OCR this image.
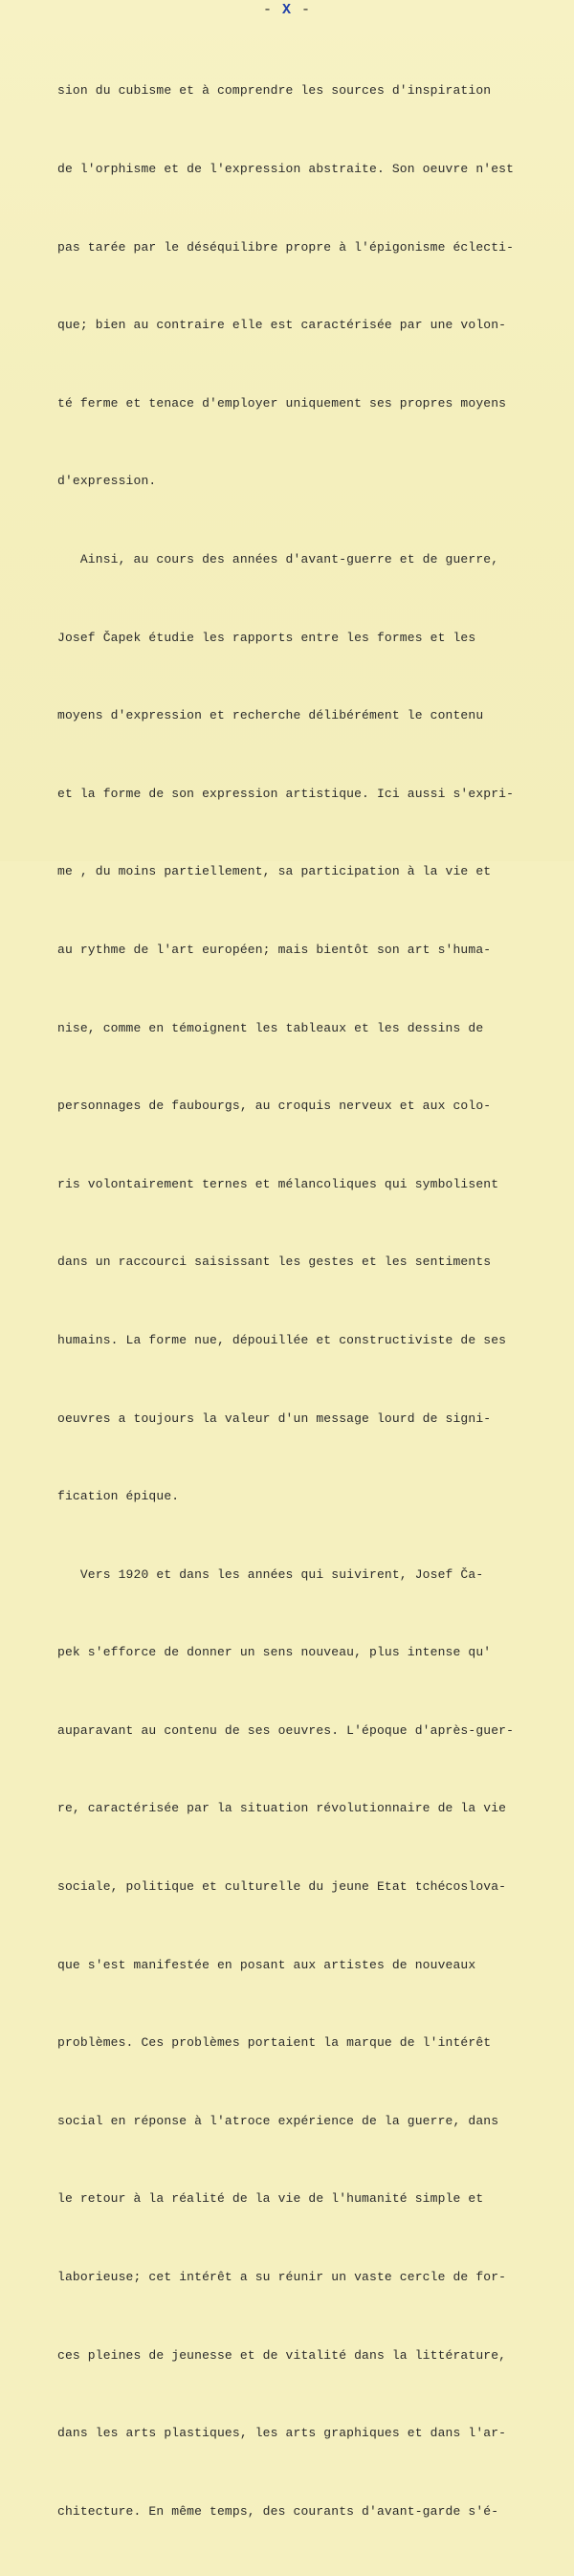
- X -

sion du cubisme et à comprendre les sources d'inspiration

de l'orphisme et de l'expression abstraite. Son oeuvre n'est

pas tarée par le déséquilibre propre à l'épigonisme éclecti-

que; bien au contraire elle est caractérisée par une volon-

té ferme et tenace d'employer uniquement ses propres moyens

d'expression.

Ainsi, au cours des années d'avant-guerre et de guerre,

Josef Čapek étudie les rapports entre les formes et les

moyens d'expression et recherche délibérément le contenu

et la forme de son expression artistique. Ici aussi s'expri-

me , du moins partiellement, sa participation à la vie et

au rythme de l'art européen; mais bientôt son art s'huma-

nise, comme en témoignent les tableaux et les dessins de

personnages de faubourgs, au croquis nerveux et aux colo-

ris volontairement ternes et mélancoliques qui symbolisent

dans un raccourci saisissant les gestes et les sentiments

humains. La forme nue, dépouillée et constructiviste de ses

oeuvres a toujours la valeur d'un message lourd de signi-

fication épique.

Vers 1920 et dans les années qui suivirent, Josef Ča-

pek s'efforce de donner un sens nouveau, plus intense qu'

auparavant au contenu de ses oeuvres. L'époque d'après-guer-

re, caractérisée par la situation révolutionnaire de la vie

sociale, politique et culturelle du jeune Etat tchécoslova-

que s'est manifestée en posant aux artistes de nouveaux

problèmes. Ces problèmes portaient la marque de l'intérêt

social en réponse à l'atroce expérience de la guerre, dans

le retour à la réalité de la vie de l'humanité simple et

laborieuse; cet intérêt a su réunir un vaste cercle de for-

ces pleines de jeunesse et de vitalité dans la littérature,

dans les arts plastiques, les arts graphiques et dans l'ar-

chitecture. En même temps, des courants d'avant-garde s'é-
